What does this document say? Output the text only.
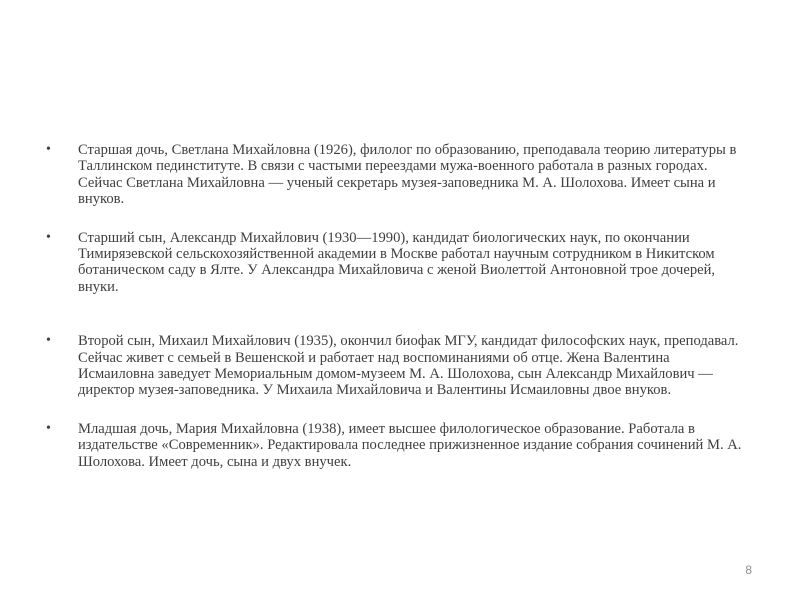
• Старшая дочь, Светлана Михайловна (1926), филолог по образованию, преподавала теорию литературы в Таллинском пединституте. В связи с частыми переездами мужа-военного работала в разных городах. Сейчас Светлана Михайловна — ученый секретарь музея-заповедника М. А. Шолохова. Имеет сына и внуков.
• Старший сын, Александр Михайлович (1930—1990), кандидат биологических наук, по окончании Тимирязевской сельскохозяйственной академии в Москве работал научным сотрудником в Никитском ботаническом саду в Ялте. У Александра Михайловича с женой Виолеттой Антоновной трое дочерей, внуки.
• Второй сын, Михаил Михайлович (1935), окончил биофак МГУ, кандидат философских наук, преподавал. Сейчас живет с семьей в Вешенской и работает над воспоминаниями об отце. Жена Валентина Исмаиловна заведует Мемориальным домом-музеем М. А. Шолохова, сын Александр Михайлович — директор музея-заповедника. У Михаила Михайловича и Валентины Исмаиловны двое внуков.
• Младшая дочь, Мария Михайловна (1938), имеет высшее филологическое образование. Работала в издательстве «Современник». Редактировала последнее прижизненное издание собрания сочинений М. А. Шолохова. Имеет дочь, сына и двух внучек.
8
